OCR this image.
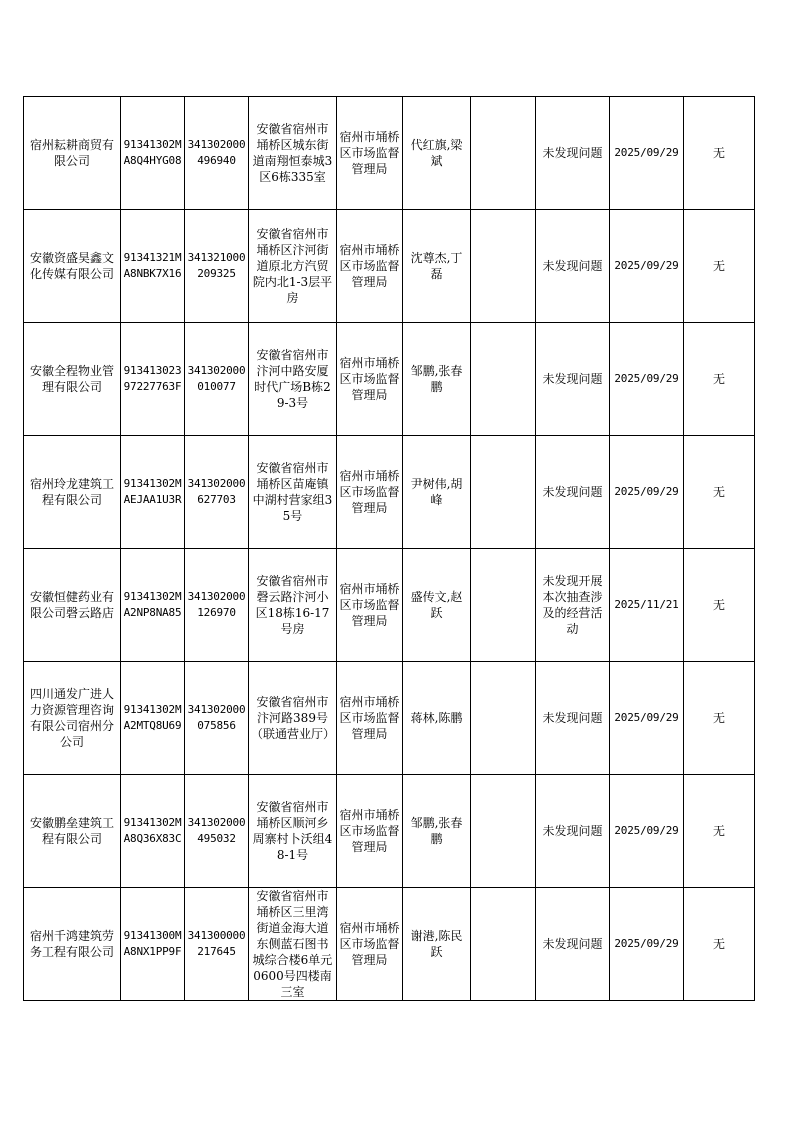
宿州耘耕商贸有限公司	91341302MA8Q4HYG08	341302000496940	安徽省宿州市埇桥区城东街道南翔恒泰城3区6栋335室	宿州市埇桥区市场监督管理局	代红旗,梁斌		未发现问题	2025/09/29	无
安徽资盛昊鑫文化传媒有限公司	91341321MA8NBK7X16	341321000209325	安徽省宿州市埇桥区汴河街道原北方汽贸院内北1-3层平房	宿州市埇桥区市场监督管理局	沈尊杰,丁磊		未发现问题	2025/09/29	无
安徽全程物业管理有限公司	91341302397227763F	341302000010077	安徽省宿州市汴河中路安厦时代广场B栋29-3号	宿州市埇桥区市场监督管理局	邹鹏,张春鹏		未发现问题	2025/09/29	无
宿州玲龙建筑工程有限公司	91341302MAEJAA1U3R	341302000627703	安徽省宿州市埇桥区苗庵镇中湖村营家组35号	宿州市埇桥区市场监督管理局	尹树伟,胡峰		未发现问题	2025/09/29	无
安徽恒健药业有限公司磬云路店	91341302MA2NP8NA85	341302000126970	安徽省宿州市磬云路汴河小区18栋16-17号房	宿州市埇桥区市场监督管理局	盛传文,赵跃		未发现开展本次抽查涉及的经营活动	2025/11/21	无
四川通发广进人力资源管理咨询有限公司宿州分公司	91341302MA2MTQ8U69	341302000075856	安徽省宿州市汴河路389号（联通营业厅）	宿州市埇桥区市场监督管理局	蒋林,陈鹏		未发现问题	2025/09/29	无
安徽鹏垒建筑工程有限公司	91341302MA8Q36X83C	341302000495032	安徽省宿州市埇桥区顺河乡周寨村卜沃组48-1号	宿州市埇桥区市场监督管理局	邹鹏,张春鹏		未发现问题	2025/09/29	无
宿州千鸿建筑劳务工程有限公司	91341300MA8NX1PP9F	341300000217645	安徽省宿州市埇桥区三里湾街道金海大道东侧蓝石图书城综合楼6单元0600号四楼南三室	宿州市埇桥区市场监督管理局	谢港,陈民跃		未发现问题	2025/09/29	无
